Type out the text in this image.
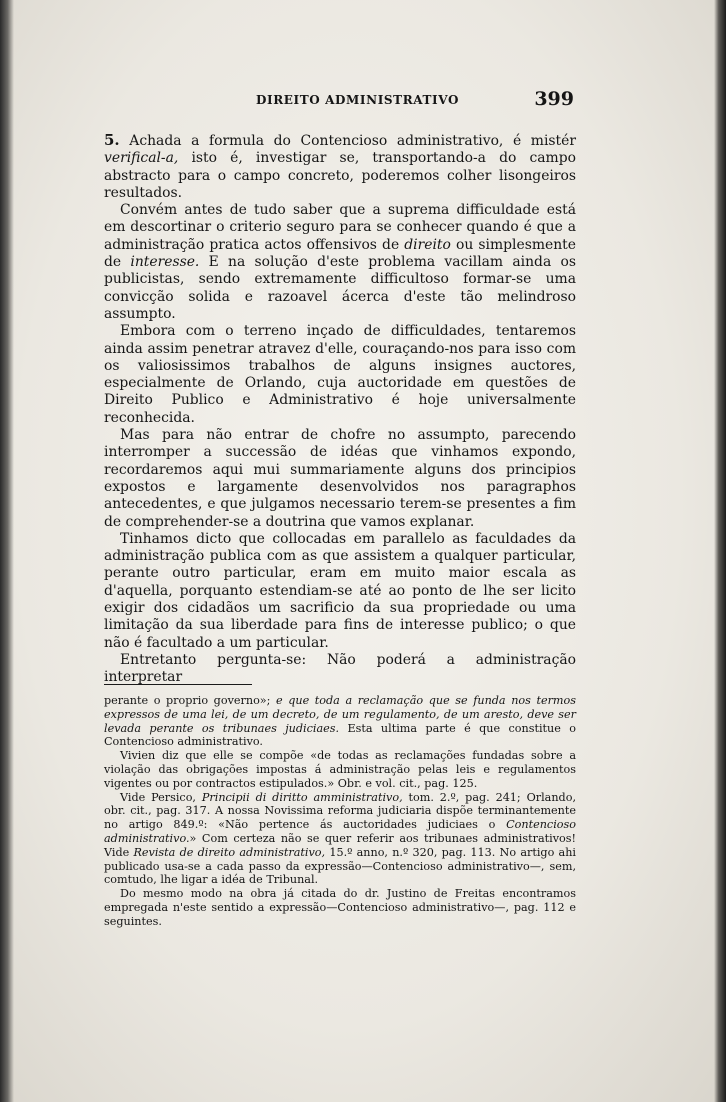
DIREITO ADMINISTRATIVO	399

5. Achada a formula do Contencioso administrativo, é mistér verifical-a, isto é, investigar se, transportando-a do campo abstracto para o campo concreto, poderemos colher lisongeiros resultados.

Convém antes de tudo saber que a suprema difficuldade está em descortinar o criterio seguro para se conhecer quando é que a administração pratica actos offensivos de direito ou simplesmente de interesse. E na solução d'este problema vacillam ainda os publicistas, sendo extremamente difficultoso formar-se uma convicção solida e razoavel ácerca d'este tão melindroso assumpto.

Embora com o terreno inçado de difficuldades, tentaremos ainda assim penetrar atravez d'elle, couraçando-nos para isso com os valiosissimos trabalhos de alguns insignes auctores, especialmente de Orlando, cuja auctoridade em questões de Direito Publico e Administrativo é hoje universalmente reconhecida.

Mas para não entrar de chofre no assumpto, parecendo interromper a successão de idéas que vinhamos expondo, recordaremos aqui mui summariamente alguns dos principios expostos e largamente desenvolvidos nos paragraphos antecedentes, e que julgamos necessario terem-se presentes a fim de comprehender-se a doutrina que vamos explanar.

Tinhamos dicto que collocadas em parallelo as faculdades da administração publica com as que assistem a qualquer particular, perante outro particular, eram em muito maior escala as d'aquella, porquanto estendiam-se até ao ponto de lhe ser licito exigir dos cidadãos um sacrificio da sua propriedade ou uma limitação da sua liberdade para fins de interesse publico; o que não é facultado a um particular.

Entretanto pergunta-se: Não poderá a administração interpretar

perante o proprio governo»; e que toda a reclamação que se funda nos termos expressos de uma lei, de um decreto, de um regulamento, de um aresto, deve ser levada perante os tribunaes judiciaes. Esta ultima parte é que constitue o Contencioso administrativo.

Vivien diz que elle se compõe «de todas as reclamações fundadas sobre a violação das obrigações impostas á administração pelas leis e regulamentos vigentes ou por contractos estipulados.» Obr. e vol. cit., pag. 125.

Vide Persico, Principii di diritto amministrativo, tom. 2.º, pag. 241; Orlando, obr. cit., pag. 317. A nossa Novissima reforma judiciaria dispõe terminantemente no artigo 849.º: «Não pertence ás auctoridades judiciaes o Contencioso administrativo.» Com certeza não se quer referir aos tribunaes administrativos! Vide Revista de direito administrativo, 15.º anno, n.º 320, pag. 113. No artigo ahi publicado usa-se a cada passo da expressão—Contencioso administrativo—, sem, comtudo, lhe ligar a idéa de Tribunal.

Do mesmo modo na obra já citada do dr. Justino de Freitas encontramos empregada n'este sentido a expressão—Contencioso administrativo—, pag. 112 e seguintes.
